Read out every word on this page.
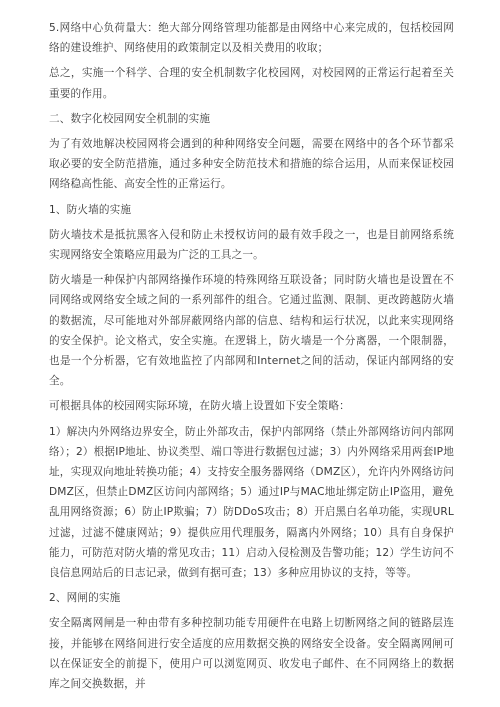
5.网络中心负荷量大：绝大部分网络管理功能都是由网络中心来完成的，包括校园网络的建设维护、网络使用的政策制定以及相关费用的收取；

总之，实施一个科学、合理的安全机制数字化校园网，对校园网的正常运行起着至关重要的作用。

二、数字化校园网安全机制的实施

为了有效地解决校园网将会遇到的种种网络安全问题，需要在网络中的各个环节都采取必要的安全防范措施，通过多种安全防范技术和措施的综合运用，从而来保证校园网络稳高性能、高安全性的正常运行。

1、防火墙的实施

防火墙技术是抵抗黑客入侵和防止未授权访问的最有效手段之一，也是目前网络系统实现网络安全策略应用最为广泛的工具之一。

防火墙是一种保护内部网络操作环境的特殊网络互联设备；同时防火墙也是设置在不同网络或网络安全域之间的一系列部件的组合。它通过监测、限制、更改跨越防火墙的数据流，尽可能地对外部屏蔽网络内部的信息、结构和运行状况，以此来实现网络的安全保护。论文格式，安全实施。在逻辑上，防火墙是一个分离器，一个限制器，也是一个分析器，它有效地监控了内部网和Internet之间的活动，保证内部网络的安全。

可根据具体的校园网实际环境，在防火墙上设置如下安全策略：

1）解决内外网络边界安全，防止外部攻击，保护内部网络（禁止外部网络访问内部网络）；2）根据IP地址、协议类型、端口等进行数据包过滤；3）内外网络采用两套IP地址，实现双向地址转换功能；4）支持安全服务器网络（DMZ区），允许内外网络访问DMZ区，但禁止DMZ区访问内部网络；5）通过IP与MAC地址绑定防止IP盗用，避免乱用网络资源；6）防止IP欺骗；7）防DDoS攻击；8）开启黑白名单功能，实现URL过滤，过滤不健康网站；9）提供应用代理服务，隔离内外网络；10）具有自身保护能力，可防范对防火墙的常见攻击；11）启动入侵检测及告警功能；12）学生访问不良信息网站后的日志记录，做到有据可查；13）多种应用协议的支持，等等。

2、网闸的实施

安全隔离网闸是一种由带有多种控制功能专用硬件在电路上切断网络之间的链路层连接，并能够在网络间进行安全适度的应用数据交换的网络安全设备。安全隔离网闸可以在保证安全的前提下，使用户可以浏览网页、收发电子邮件、在不同网络上的数据库之间交换数据，并
